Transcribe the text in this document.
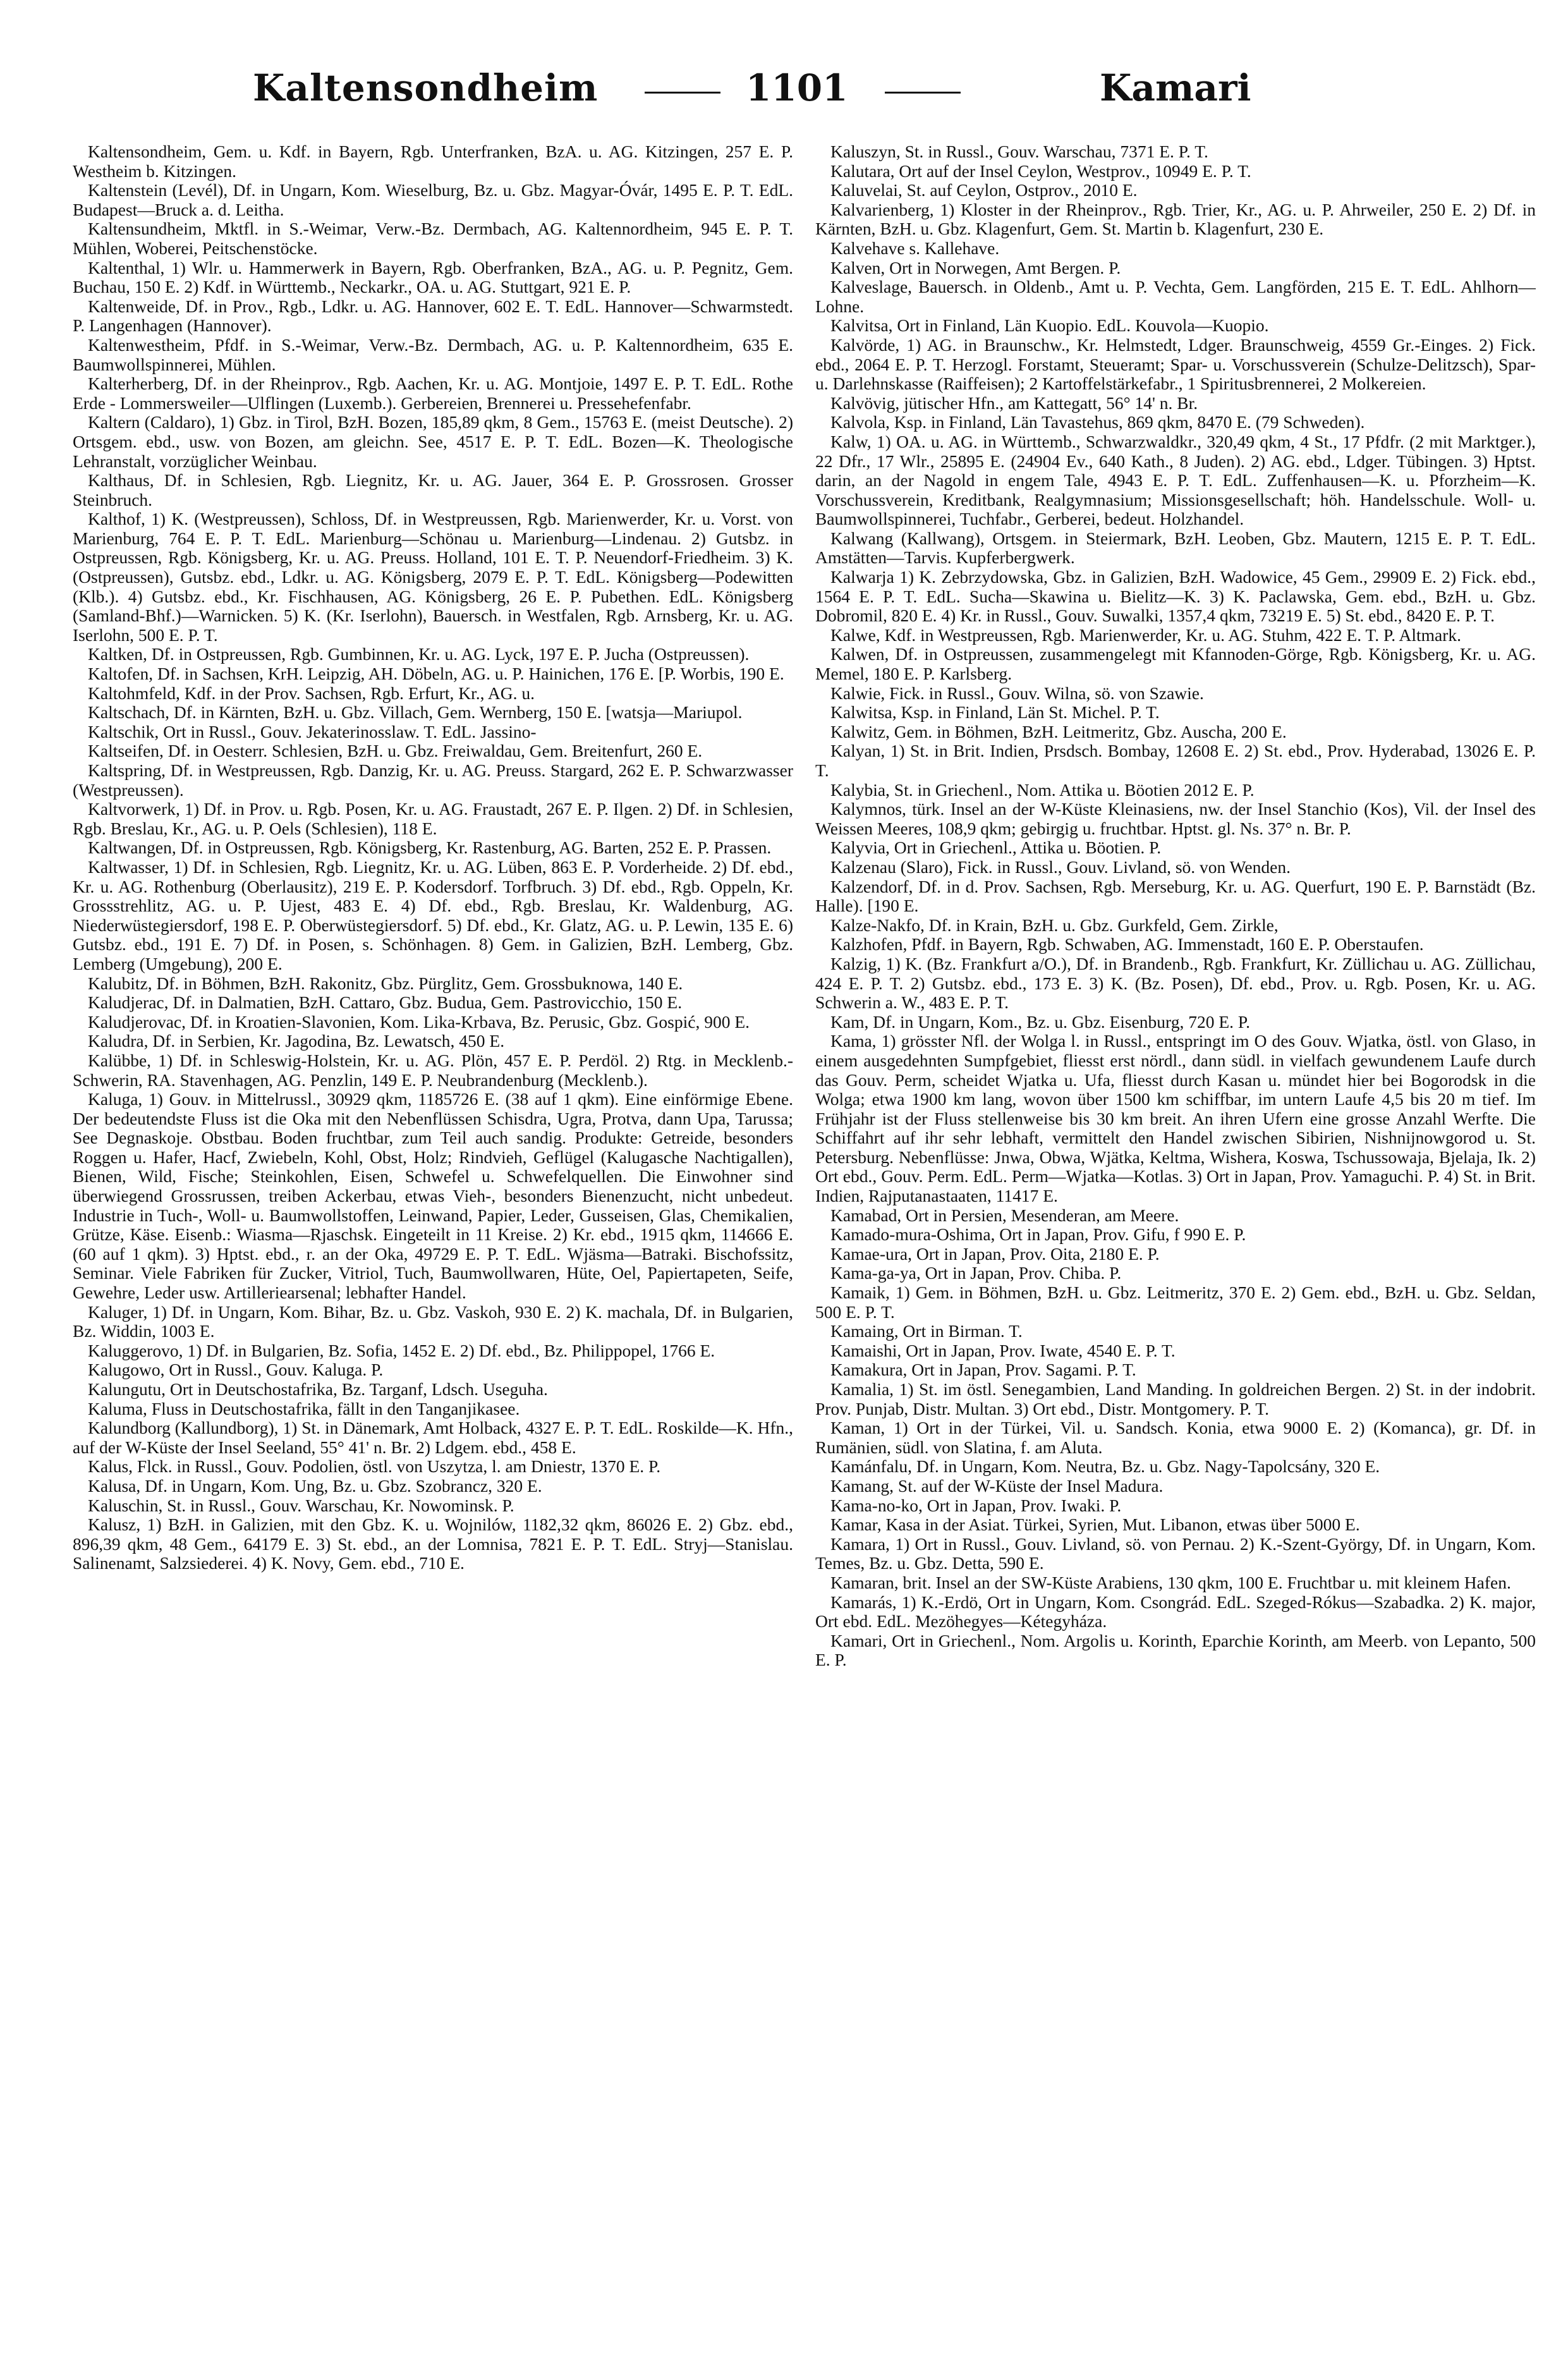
Kaltensondheim	1101	Kamari

Kaltensondheim, Gem. u. Kdf. in Bayern, Rgb. Unterfranken, BzA. u. AG. Kitzingen, 257 E. P. Westheim b. Kitzingen.

Kaltenstein (Levél), Df. in Ungarn, Kom. Wieselburg, Bz. u. Gbz. Magyar-Óvár, 1495 E. P. T. EdL. Budapest—Bruck a. d. Leitha.

Kaltensundheim, Mktfl. in S.-Weimar, Verw.-Bz. Dermbach, AG. Kaltennordheim, 945 E. P. T. Mühlen, Woberei, Peitschenstöcke.

Kaltenthal, 1) Wlr. u. Hammerwerk in Bayern, Rgb. Oberfranken, BzA., AG. u. P. Pegnitz, Gem. Buchau, 150 E. 2) Kdf. in Württemb., Neckarkr., OA. u. AG. Stuttgart, 921 E. P.

Kaltenweide, Df. in Prov., Rgb., Ldkr. u. AG. Hannover, 602 E. T. EdL. Hannover—Schwarmstedt. P. Langenhagen (Hannover).

Kaltenwestheim, Pfdf. in S.-Weimar, Verw.-Bz. Dermbach, AG. u. P. Kaltennordheim, 635 E. Baumwollspinnerei, Mühlen.

Kalterherberg, Df. in der Rheinprov., Rgb. Aachen, Kr. u. AG. Montjoie, 1497 E. P. T. EdL. Rothe Erde - Lommersweiler—Ulflingen (Luxemb.). Gerbereien, Brennerei u. Pressehefenfabr.

Kaltern (Caldaro), 1) Gbz. in Tirol, BzH. Bozen, 185,89 qkm, 8 Gem., 15763 E. (meist Deutsche). 2) Ortsgem. ebd., usw. von Bozen, am gleichn. See, 4517 E. P. T. EdL. Bozen—K. Theologische Lehranstalt, vorzüglicher Weinbau.

Kalthaus, Df. in Schlesien, Rgb. Liegnitz, Kr. u. AG. Jauer, 364 E. P. Grossrosen. Grosser Steinbruch.

Kalthof, 1) K. (Westpreussen), Schloss, Df. in Westpreussen, Rgb. Marienwerder, Kr. u. Vorst. von Marienburg, 764 E. P. T. EdL. Marienburg—Schönau u. Marienburg—Lindenau. 2) Gutsbz. in Ostpreussen, Rgb. Königsberg, Kr. u. AG. Preuss. Holland, 101 E. T. P. Neuendorf-Friedheim. 3) K. (Ostpreussen), Gutsbz. ebd., Ldkr. u. AG. Königsberg, 2079 E. P. T. EdL. Königsberg—Podewitten (Klb.). 4) Gutsbz. ebd., Kr. Fischhausen, AG. Königsberg, 26 E. P. Pubethen. EdL. Königsberg (Samland-Bhf.)—Warnicken. 5) K. (Kr. Iserlohn), Bauersch. in Westfalen, Rgb. Arnsberg, Kr. u. AG. Iserlohn, 500 E. P. T.

Kaltken, Df. in Ostpreussen, Rgb. Gumbinnen, Kr. u. AG. Lyck, 197 E. P. Jucha (Ostpreussen).

Kaltofen, Df. in Sachsen, KrH. Leipzig, AH. Döbeln, AG. u. P. Hainichen, 176 E. [P. Worbis, 190 E.

Kaltohmfeld, Kdf. in der Prov. Sachsen, Rgb. Erfurt, Kr., AG. u.

Kaltschach, Df. in Kärnten, BzH. u. Gbz. Villach, Gem. Wernberg, 150 E. [watsja—Mariupol.

Kaltschik, Ort in Russl., Gouv. Jekaterinosslaw. T. EdL. Jassino-

Kaltseifen, Df. in Oesterr. Schlesien, BzH. u. Gbz. Freiwaldau, Gem. Breitenfurt, 260 E.

Kaltspring, Df. in Westpreussen, Rgb. Danzig, Kr. u. AG. Preuss. Stargard, 262 E. P. Schwarzwasser (Westpreussen).

Kaltvorwerk, 1) Df. in Prov. u. Rgb. Posen, Kr. u. AG. Fraustadt, 267 E. P. Ilgen. 2) Df. in Schlesien, Rgb. Breslau, Kr., AG. u. P. Oels (Schlesien), 118 E.

Kaltwangen, Df. in Ostpreussen, Rgb. Königsberg, Kr. Rastenburg, AG. Barten, 252 E. P. Prassen.

Kaltwasser, 1) Df. in Schlesien, Rgb. Liegnitz, Kr. u. AG. Lüben, 863 E. P. Vorderheide. 2) Df. ebd., Kr. u. AG. Rothenburg (Oberlausitz), 219 E. P. Kodersdorf. Torfbruch. 3) Df. ebd., Rgb. Oppeln, Kr. Grossstrehlitz, AG. u. P. Ujest, 483 E. 4) Df. ebd., Rgb. Breslau, Kr. Waldenburg, AG. Niederwüstegiersdorf, 198 E. P. Oberwüstegiersdorf. 5) Df. ebd., Kr. Glatz, AG. u. P. Lewin, 135 E. 6) Gutsbz. ebd., 191 E. 7) Df. in Posen, s. Schönhagen. 8) Gem. in Galizien, BzH. Lemberg, Gbz. Lemberg (Umgebung), 200 E.

Kalubitz, Df. in Böhmen, BzH. Rakonitz, Gbz. Pürglitz, Gem. Grossbuknowa, 140 E.

Kaludjerac, Df. in Dalmatien, BzH. Cattaro, Gbz. Budua, Gem. Pastrovicchio, 150 E.

Kaludjerovac, Df. in Kroatien-Slavonien, Kom. Lika-Krbava, Bz. Perusic, Gbz. Gospić, 900 E.

Kaludra, Df. in Serbien, Kr. Jagodina, Bz. Lewatsch, 450 E.

Kalübbe, 1) Df. in Schleswig-Holstein, Kr. u. AG. Plön, 457 E. P. Perdöl. 2) Rtg. in Mecklenb.-Schwerin, RA. Stavenhagen, AG. Penzlin, 149 E. P. Neubrandenburg (Mecklenb.).

Kaluga, 1) Gouv. in Mittelrussl., 30929 qkm, 1185726 E. (38 auf 1 qkm). Eine einförmige Ebene. Der bedeutendste Fluss ist die Oka mit den Nebenflüssen Schisdra, Ugra, Protva, dann Upa, Tarussa; See Degnaskoje. Obstbau. Boden fruchtbar, zum Teil auch sandig. Produkte: Getreide, besonders Roggen u. Hafer, Hacf, Zwiebeln, Kohl, Obst, Holz; Rindvieh, Geflügel (Kalugasche Nachtigallen), Bienen, Wild, Fische; Steinkohlen, Eisen, Schwefel u. Schwefelquellen. Die Einwohner sind überwiegend Grossrussen, treiben Ackerbau, etwas Vieh-, besonders Bienenzucht, nicht unbedeut. Industrie in Tuch-, Woll- u. Baumwollstoffen, Leinwand, Papier, Leder, Gusseisen, Glas, Chemikalien, Grütze, Käse. Eisenb.: Wiasma—Rjaschsk. Eingeteilt in 11 Kreise. 2) Kr. ebd., 1915 qkm, 114666 E. (60 auf 1 qkm). 3) Hptst. ebd., r. an der Oka, 49729 E. P. T. EdL. Wjäsma—Batraki. Bischofssitz, Seminar. Viele Fabriken für Zucker, Vitriol, Tuch, Baumwollwaren, Hüte, Oel, Papiertapeten, Seife, Gewehre, Leder usw. Artilleriearsenal; lebhafter Handel.

Kaluger, 1) Df. in Ungarn, Kom. Bihar, Bz. u. Gbz. Vaskoh, 930 E. 2) K. machala, Df. in Bulgarien, Bz. Widdin, 1003 E.

Kaluggerovo, 1) Df. in Bulgarien, Bz. Sofia, 1452 E. 2) Df. ebd., Bz. Philippopel, 1766 E.

Kalugowo, Ort in Russl., Gouv. Kaluga. P.

Kalungutu, Ort in Deutschostafrika, Bz. Targanf, Ldsch. Useguha.

Kaluma, Fluss in Deutschostafrika, fällt in den Tanganjikasee.

Kalundborg (Kallundborg), 1) St. in Dänemark, Amt Holback, 4327 E. P. T. EdL. Roskilde—K. Hfn., auf der W-Küste der Insel Seeland, 55° 41' n. Br. 2) Ldgem. ebd., 458 E.

Kalus, Flck. in Russl., Gouv. Podolien, östl. von Uszytza, l. am Dniestr, 1370 E. P.

Kalusa, Df. in Ungarn, Kom. Ung, Bz. u. Gbz. Szobrancz, 320 E.

Kaluschin, St. in Russl., Gouv. Warschau, Kr. Nowominsk. P.

Kalusz, 1) BzH. in Galizien, mit den Gbz. K. u. Wojnilów, 1182,32 qkm, 86026 E. 2) Gbz. ebd., 896,39 qkm, 48 Gem., 64179 E. 3) St. ebd., an der Lomnisa, 7821 E. P. T. EdL. Stryj—Stanislau. Salinenamt, Salzsiederei. 4) K. Novy, Gem. ebd., 710 E.

Kaluszyn, St. in Russl., Gouv. Warschau, 7371 E. P. T.

Kalutara, Ort auf der Insel Ceylon, Westprov., 10949 E. P. T.

Kaluvelai, St. auf Ceylon, Ostprov., 2010 E.

Kalvarienberg, 1) Kloster in der Rheinprov., Rgb. Trier, Kr., AG. u. P. Ahrweiler, 250 E. 2) Df. in Kärnten, BzH. u. Gbz. Klagenfurt, Gem. St. Martin b. Klagenfurt, 230 E.

Kalvehave s. Kallehave.

Kalven, Ort in Norwegen, Amt Bergen. P.

Kalveslage, Bauersch. in Oldenb., Amt u. P. Vechta, Gem. Langförden, 215 E. T. EdL. Ahlhorn—Lohne.

Kalvitsa, Ort in Finland, Län Kuopio. EdL. Kouvola—Kuopio.

Kalvörde, 1) AG. in Braunschw., Kr. Helmstedt, Ldger. Braunschweig, 4559 Gr.-Einges. 2) Fick. ebd., 2064 E. P. T. Herzogl. Forstamt, Steueramt; Spar- u. Vorschussverein (Schulze-Delitzsch), Spar- u. Darlehnskasse (Raiffeisen); 2 Kartoffelstärkefabr., 1 Spiritusbrennerei, 2 Molkereien.

Kalvövig, jütischer Hfn., am Kattegatt, 56° 14' n. Br.

Kalvola, Ksp. in Finland, Län Tavastehus, 869 qkm, 8470 E. (79 Schweden).

Kalw, 1) OA. u. AG. in Württemb., Schwarzwaldkr., 320,49 qkm, 4 St., 17 Pfdfr. (2 mit Marktger.), 22 Dfr., 17 Wlr., 25895 E. (24904 Ev., 640 Kath., 8 Juden). 2) AG. ebd., Ldger. Tübingen. 3) Hptst. darin, an der Nagold in engem Tale, 4943 E. P. T. EdL. Zuffenhausen—K. u. Pforzheim—K. Vorschussverein, Kreditbank, Realgymnasium; Missionsgesellschaft; höh. Handelsschule. Woll- u. Baumwollspinnerei, Tuchfabr., Gerberei, bedeut. Holzhandel.

Kalwang (Kallwang), Ortsgem. in Steiermark, BzH. Leoben, Gbz. Mautern, 1215 E. P. T. EdL. Amstätten—Tarvis. Kupferbergwerk.

Kalwarja 1) K. Zebrzydowska, Gbz. in Galizien, BzH. Wadowice, 45 Gem., 29909 E. 2) Fick. ebd., 1564 E. P. T. EdL. Sucha—Skawina u. Bielitz—K. 3) K. Paclawska, Gem. ebd., BzH. u. Gbz. Dobromil, 820 E. 4) Kr. in Russl., Gouv. Suwalki, 1357,4 qkm, 73219 E. 5) St. ebd., 8420 E. P. T.

Kalwe, Kdf. in Westpreussen, Rgb. Marienwerder, Kr. u. AG. Stuhm, 422 E. T. P. Altmark.

Kalwen, Df. in Ostpreussen, zusammengelegt mit Kfannoden-Görge, Rgb. Königsberg, Kr. u. AG. Memel, 180 E. P. Karlsberg.

Kalwie, Fick. in Russl., Gouv. Wilna, sö. von Szawie.

Kalwitsa, Ksp. in Finland, Län St. Michel. P. T.

Kalwitz, Gem. in Böhmen, BzH. Leitmeritz, Gbz. Auscha, 200 E.

Kalyan, 1) St. in Brit. Indien, Prsdsch. Bombay, 12608 E. 2) St. ebd., Prov. Hyderabad, 13026 E. P. T.

Kalybia, St. in Griechenl., Nom. Attika u. Böotien 2012 E. P.

Kalymnos, türk. Insel an der W-Küste Kleinasiens, nw. der Insel Stanchio (Kos), Vil. der Insel des Weissen Meeres, 108,9 qkm; gebirgig u. fruchtbar. Hptst. gl. Ns. 37° n. Br. P.

Kalyvia, Ort in Griechenl., Attika u. Böotien. P.

Kalzenau (Slaro), Fick. in Russl., Gouv. Livland, sö. von Wenden.

Kalzendorf, Df. in d. Prov. Sachsen, Rgb. Merseburg, Kr. u. AG. Querfurt, 190 E. P. Barnstädt (Bz. Halle). [190 E.

Kalze-Nakfo, Df. in Krain, BzH. u. Gbz. Gurkfeld, Gem. Zirkle,

Kalzhofen, Pfdf. in Bayern, Rgb. Schwaben, AG. Immenstadt, 160 E. P. Oberstaufen.

Kalzig, 1) K. (Bz. Frankfurt a/O.), Df. in Brandenb., Rgb. Frankfurt, Kr. Züllichau u. AG. Züllichau, 424 E. P. T. 2) Gutsbz. ebd., 173 E. 3) K. (Bz. Posen), Df. ebd., Prov. u. Rgb. Posen, Kr. u. AG. Schwerin a. W., 483 E. P. T.

Kam, Df. in Ungarn, Kom., Bz. u. Gbz. Eisenburg, 720 E. P.

Kama, 1) grösster Nfl. der Wolga l. in Russl., entspringt im O des Gouv. Wjatka, östl. von Glaso, in einem ausgedehnten Sumpfgebiet, fliesst erst nördl., dann südl. in vielfach gewundenem Laufe durch das Gouv. Perm, scheidet Wjatka u. Ufa, fliesst durch Kasan u. mündet hier bei Bogorodsk in die Wolga; etwa 1900 km lang, wovon über 1500 km schiffbar, im untern Laufe 4,5 bis 20 m tief. Im Frühjahr ist der Fluss stellenweise bis 30 km breit. An ihren Ufern eine grosse Anzahl Werfte. Die Schiffahrt auf ihr sehr lebhaft, vermittelt den Handel zwischen Sibirien, Nishnijnowgorod u. St. Petersburg. Nebenflüsse: Jnwa, Obwa, Wjätka, Keltma, Wishera, Koswa, Tschussowaja, Bjelaja, Ik. 2) Ort ebd., Gouv. Perm. EdL. Perm—Wjatka—Kotlas. 3) Ort in Japan, Prov. Yamaguchi. P. 4) St. in Brit. Indien, Rajputanastaaten, 11417 E.

Kamabad, Ort in Persien, Mesenderan, am Meere.

Kamado-mura-Oshima, Ort in Japan, Prov. Gifu, f 990 E. P.

Kamae-ura, Ort in Japan, Prov. Oita, 2180 E. P.

Kama-ga-ya, Ort in Japan, Prov. Chiba. P.

Kamaik, 1) Gem. in Böhmen, BzH. u. Gbz. Leitmeritz, 370 E. 2) Gem. ebd., BzH. u. Gbz. Seldan, 500 E. P. T.

Kamaing, Ort in Birman. T.

Kamaishi, Ort in Japan, Prov. Iwate, 4540 E. P. T.

Kamakura, Ort in Japan, Prov. Sagami. P. T.

Kamalia, 1) St. im östl. Senegambien, Land Manding. In goldreichen Bergen. 2) St. in der indobrit. Prov. Punjab, Distr. Multan. 3) Ort ebd., Distr. Montgomery. P. T.

Kaman, 1) Ort in der Türkei, Vil. u. Sandsch. Konia, etwa 9000 E. 2) (Komanca), gr. Df. in Rumänien, südl. von Slatina, f. am Aluta.

Kamánfalu, Df. in Ungarn, Kom. Neutra, Bz. u. Gbz. Nagy-Tapolcsány, 320 E.

Kamang, St. auf der W-Küste der Insel Madura.

Kama-no-ko, Ort in Japan, Prov. Iwaki. P.

Kamar, Kasa in der Asiat. Türkei, Syrien, Mut. Libanon, etwas über 5000 E.

Kamara, 1) Ort in Russl., Gouv. Livland, sö. von Pernau. 2) K.-Szent-György, Df. in Ungarn, Kom. Temes, Bz. u. Gbz. Detta, 590 E.

Kamaran, brit. Insel an der SW-Küste Arabiens, 130 qkm, 100 E. Fruchtbar u. mit kleinem Hafen.

Kamarás, 1) K.-Erdö, Ort in Ungarn, Kom. Csongrád. EdL. Szeged-Rókus—Szabadka. 2) K. major, Ort ebd. EdL. Mezöhegyes—Kétegyháza.

Kamari, Ort in Griechenl., Nom. Argolis u. Korinth, Eparchie Korinth, am Meerb. von Lepanto, 500 E. P.
